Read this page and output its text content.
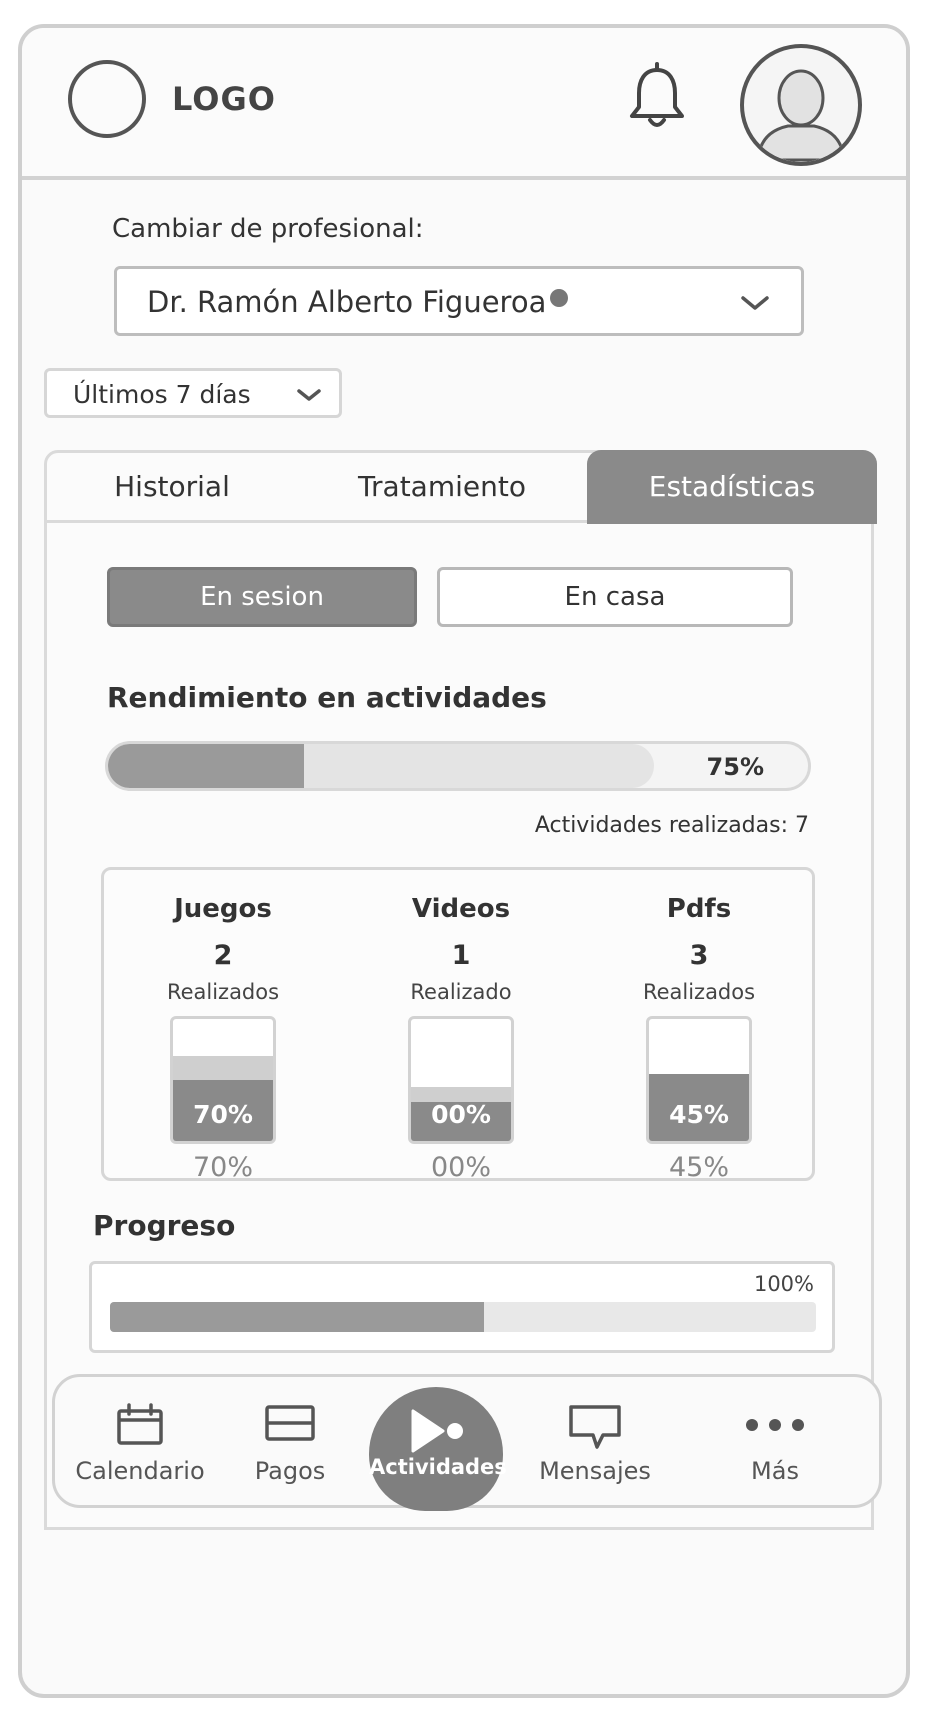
LOGO
Cambiar de profesional:
Dr. Ramón Alberto Figueroa
Últimos 7 días
Historial	Tratamiento	Estadísticas
En sesion	En casa
Rendimiento en actividades
75%
Actividades realizadas: 7
Juegos
2
Realizados
70%
70%
Videos
1
Realizado
00%
00%
Pdfs
3
Realizados
45%
45%
Progreso
100%
Calendario	Pagos	Actividades	Mensajes	Más
